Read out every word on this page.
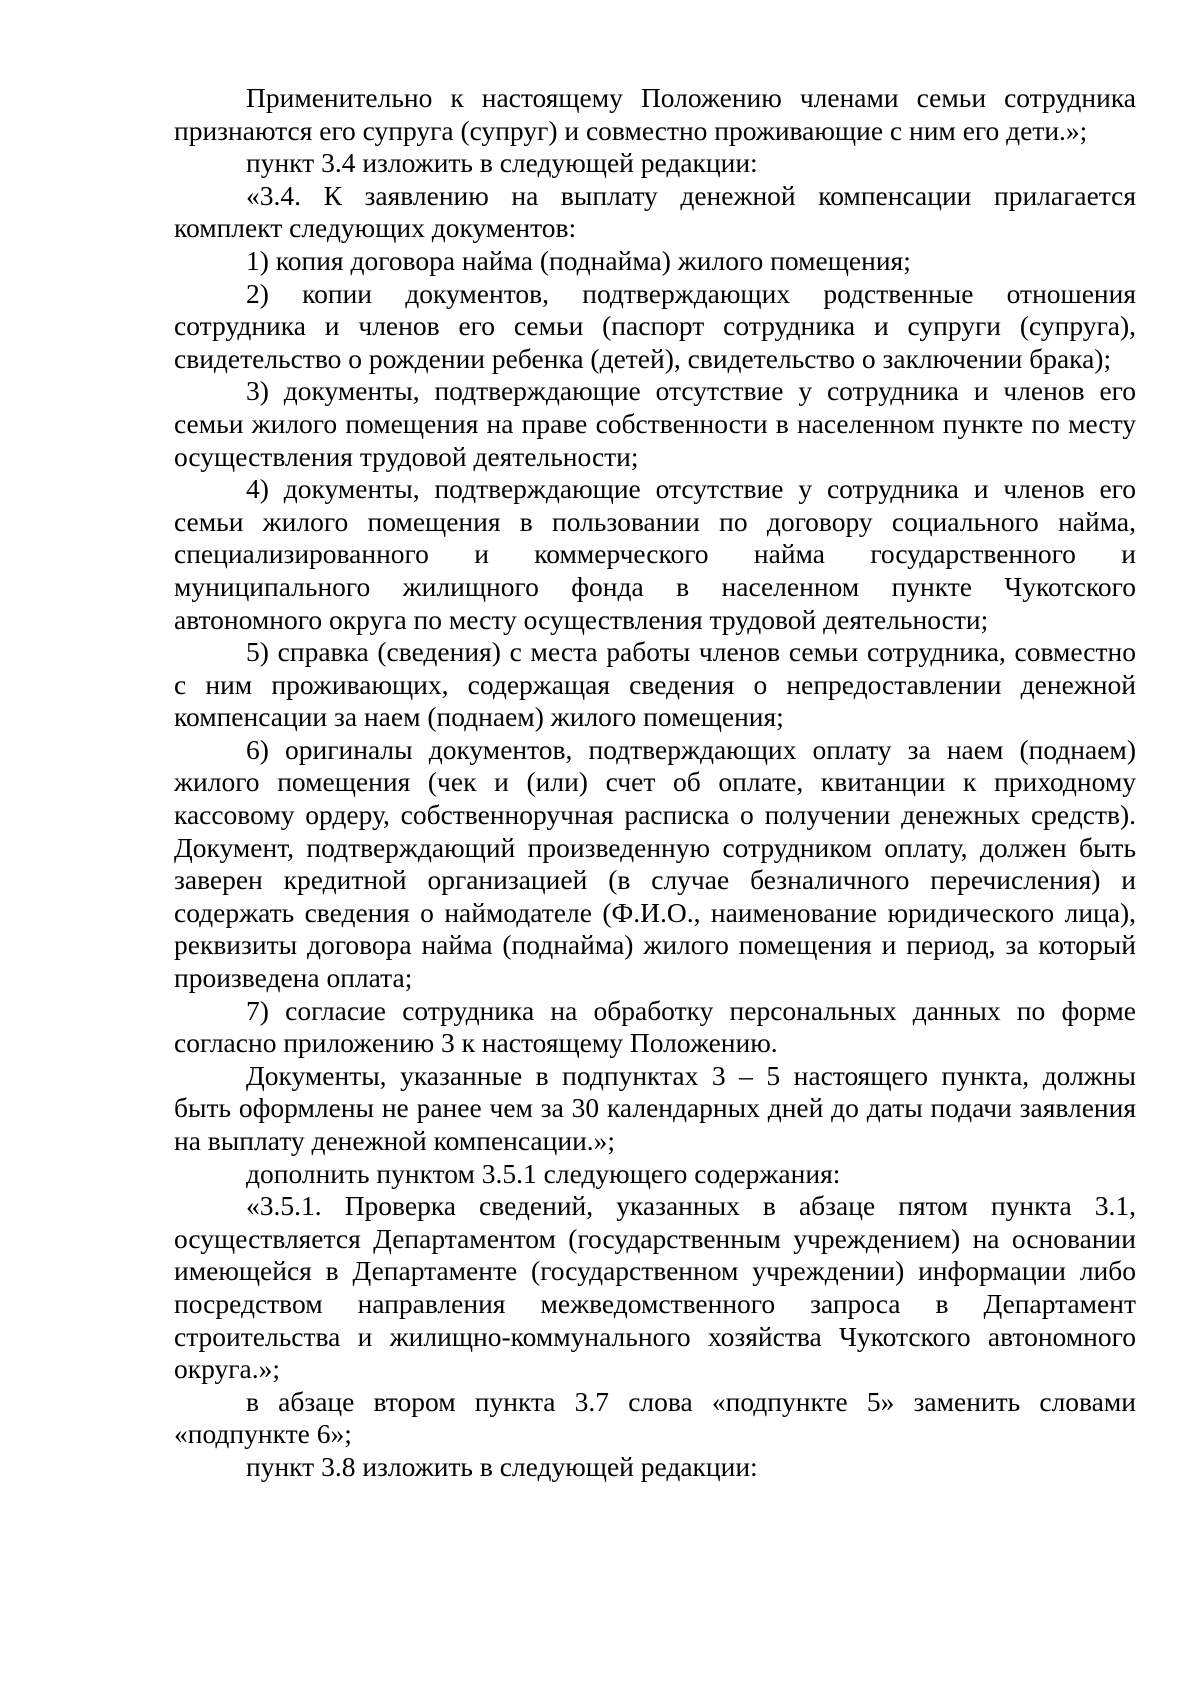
Применительно к настоящему Положению членами семьи сотрудника признаются его супруга (супруг) и совместно проживающие с ним его дети.»;

пункт 3.4 изложить в следующей редакции:

«3.4. К заявлению на выплату денежной компенсации прилагается комплект следующих документов:

1) копия договора найма (поднайма) жилого помещения;

2) копии документов, подтверждающих родственные отношения сотрудника и членов его семьи (паспорт сотрудника и супруги (супруга), свидетельство о рождении ребенка (детей), свидетельство о заключении брака);

3) документы, подтверждающие отсутствие у сотрудника и членов его семьи жилого помещения на праве собственности в населенном пункте по месту осуществления трудовой деятельности;

4) документы, подтверждающие отсутствие у сотрудника и членов его семьи жилого помещения в пользовании по договору социального найма, специализированного и коммерческого найма государственного и муниципального жилищного фонда в населенном пункте Чукотского автономного округа по месту осуществления трудовой деятельности;

5) справка (сведения) с места работы членов семьи сотрудника, совместно с ним проживающих, содержащая сведения о непредоставлении денежной компенсации за наем (поднаем) жилого помещения;

6) оригиналы документов, подтверждающих оплату за наем (поднаем) жилого помещения (чек и (или) счет об оплате, квитанции к приходному кассовому ордеру, собственноручная расписка о получении денежных средств). Документ, подтверждающий произведенную сотрудником оплату, должен быть заверен кредитной организацией (в случае безналичного перечисления) и содержать сведения о наймодателе (Ф.И.О., наименование юридического лица), реквизиты договора найма (поднайма) жилого помещения и период, за который произведена оплата;

7) согласие сотрудника на обработку персональных данных по форме согласно приложению 3 к настоящему Положению.

Документы, указанные в подпунктах 3 – 5 настоящего пункта, должны быть оформлены не ранее чем за 30 календарных дней до даты подачи заявления на выплату денежной компенсации.»;

дополнить пунктом 3.5.1 следующего содержания:

«3.5.1. Проверка сведений, указанных в абзаце пятом пункта 3.1, осуществляется Департаментом (государственным учреждением) на основании имеющейся в Департаменте (государственном учреждении) информации либо посредством направления межведомственного запроса в Департамент строительства и жилищно-коммунального хозяйства Чукотского автономного округа.»;

в абзаце втором пункта 3.7 слова «подпункте 5» заменить словами «подпункте 6»;

пункт 3.8 изложить в следующей редакции:
